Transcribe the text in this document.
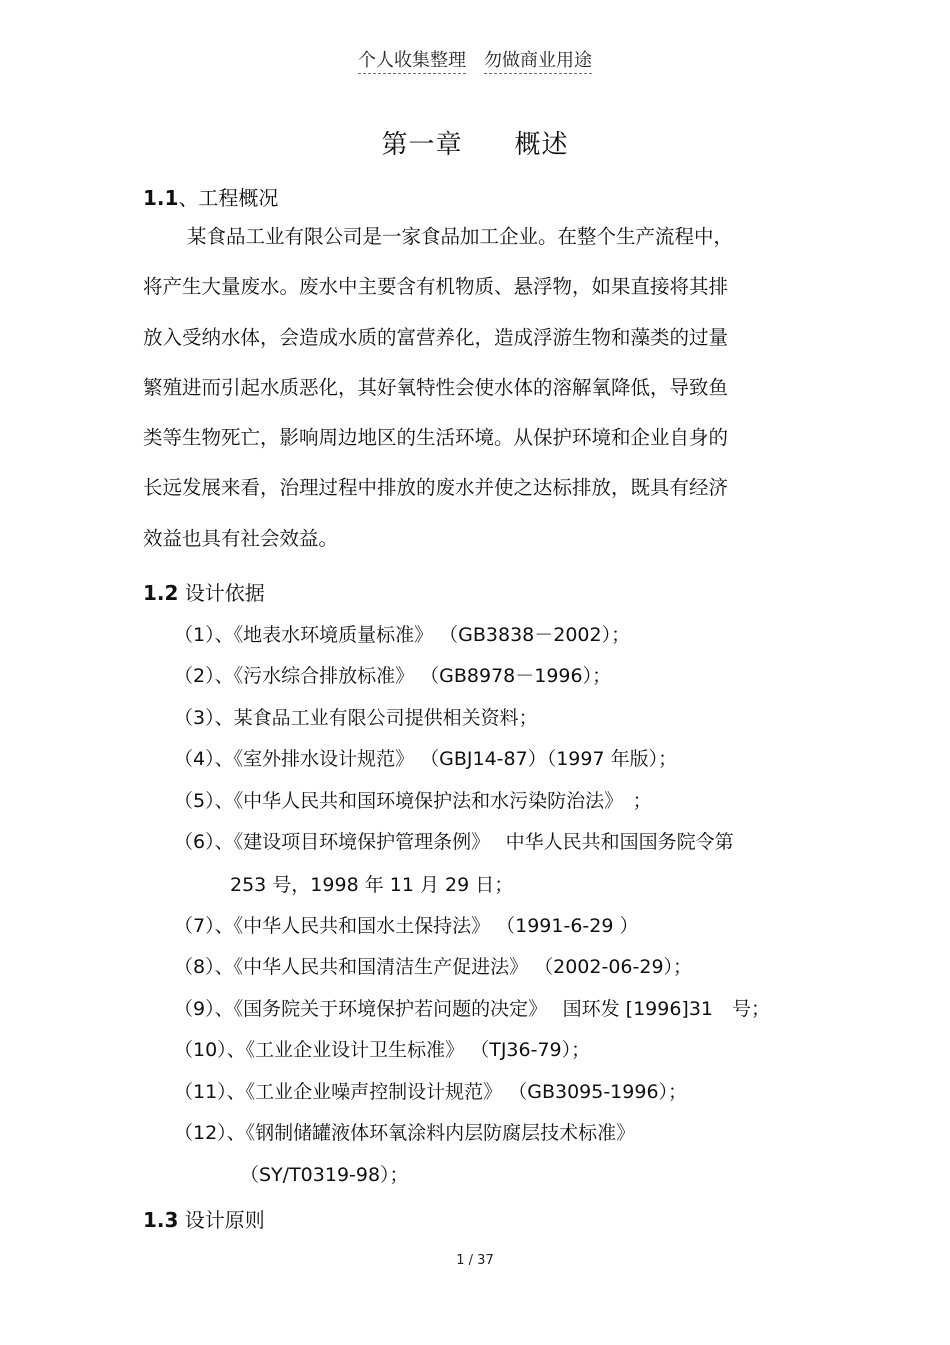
个人收集整理 勿做商业用途
第一章 概述
1.1、工程概况
某食品工业有限公司是一家食品加工企业。在整个生产流程中，
将产生大量废水。废水中主要含有机物质、悬浮物，如果直接将其排
放入受纳水体，会造成水质的富营养化，造成浮游生物和藻类的过量
繁殖进而引起水质恶化，其好氧特性会使水体的溶解氧降低，导致鱼
类等生物死亡，影响周边地区的生活环境。从保护环境和企业自身的
长远发展来看，治理过程中排放的废水并使之达标排放，既具有经济
效益也具有社会效益。
1.2 设计依据
（1）、《地表水环境质量标准》 （GB3838－2002）；
（2）、《污水综合排放标准》 （GB8978－1996）；
（3）、某食品工业有限公司提供相关资料；
（4）、《室外排水设计规范》 （GBJ14-87）（1997 年版）；
（5）、《中华人民共和国环境保护法和水污染防治法》　；
（6）、《建设项目环境保护管理条例》　 中华人民共和国国务院令第
253 号，1998 年 11 月 29 日；
（7）、《中华人民共和国水土保持法》 （1991-6-29 ）
（8）、《中华人民共和国清洁生产促进法》 （2002-06-29）；
（9）、《国务院关于环境保护若问题的决定》　 国环发 [1996]31　号；
（10）、《工业企业设计卫生标准》 （TJ36-79）；
（11）、《工业企业噪声控制设计规范》 （GB3095-1996）；
（12）、《钢制储罐液体环氧涂料内层防腐层技术标准》
（SY/T0319-98）；
1.3 设计原则
1 / 37
